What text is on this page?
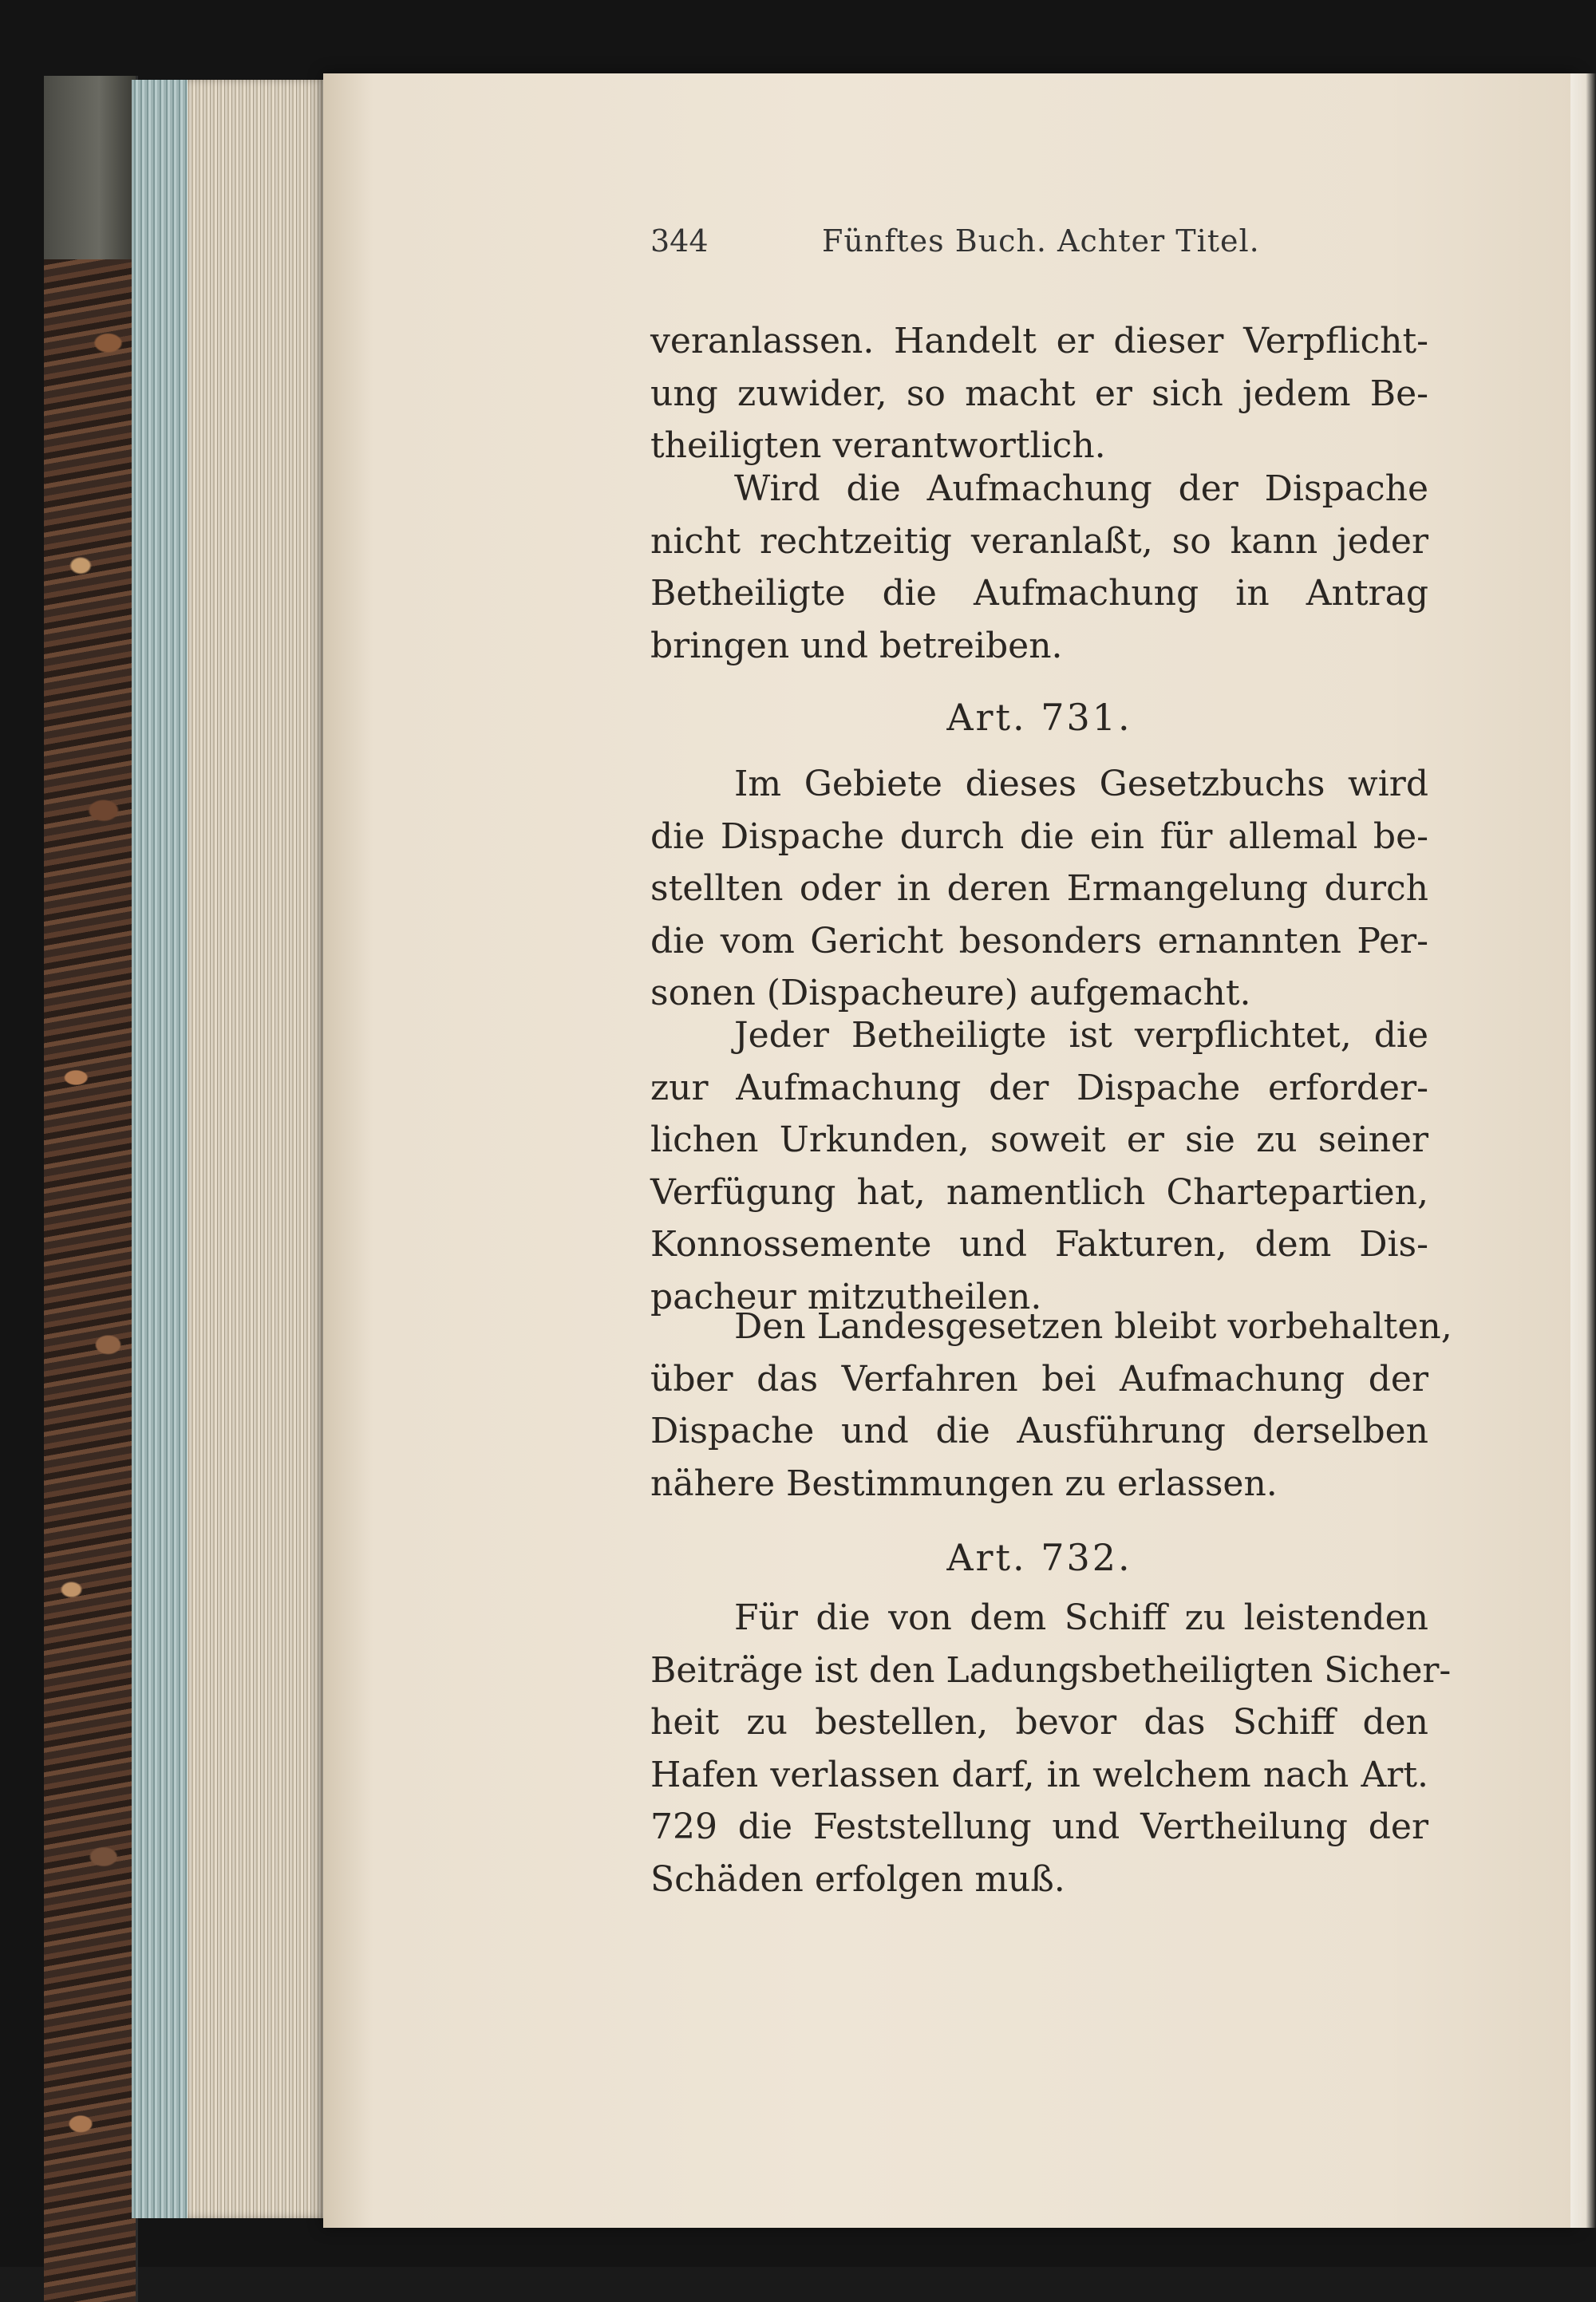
344	Fünftes Buch. Achter Titel.
veranlassen. Handelt er dieser Verpflicht-
ung zuwider, so macht er sich jedem Be-
theiligten verantwortlich.
Wird die Aufmachung der Dispache
nicht rechtzeitig veranlaßt, so kann jeder
Betheiligte die Aufmachung in Antrag
bringen und betreiben.
Art. 731.
Im Gebiete dieses Gesetzbuchs wird
die Dispache durch die ein für allemal be-
stellten oder in deren Ermangelung durch
die vom Gericht besonders ernannten Per-
sonen (Dispacheure) aufgemacht.
Jeder Betheiligte ist verpflichtet, die
zur Aufmachung der Dispache erforder-
lichen Urkunden, soweit er sie zu seiner
Verfügung hat, namentlich Chartepartien,
Konnossemente und Fakturen, dem Dis-
pacheur mitzutheilen.
Den Landesgesetzen bleibt vorbehalten,
über das Verfahren bei Aufmachung der
Dispache und die Ausführung derselben
nähere Bestimmungen zu erlassen.
Art. 732.
Für die von dem Schiff zu leistenden
Beiträge ist den Ladungsbetheiligten Sicher-
heit zu bestellen, bevor das Schiff den
Hafen verlassen darf, in welchem nach Art.
729 die Feststellung und Vertheilung der
Schäden erfolgen muß.
